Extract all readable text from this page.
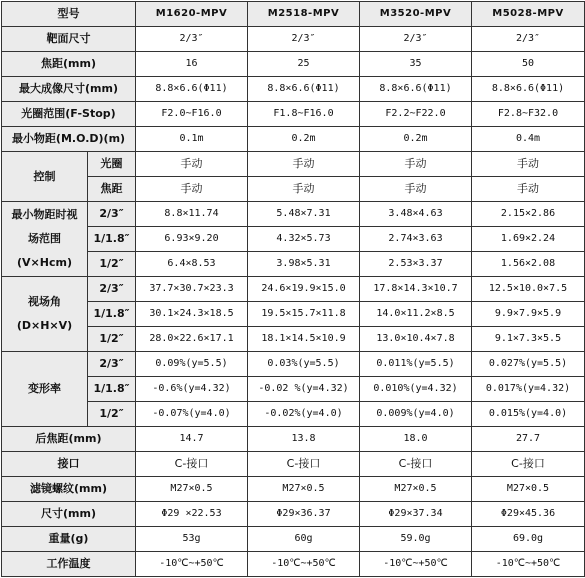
型号		M1620-MPV	M2518-MPV	M3520-MPV	M5028-MPV
靶面尺寸		2/3″	2/3″	2/3″	2/3″
焦距(mm)		16	25	35	50
最大成像尺寸(mm)		8.8×6.6(Φ11)	8.8×6.6(Φ11)	8.8×6.6(Φ11)	8.8×6.6(Φ11)
光圈范围(F-Stop)		F2.0~F16.0	F1.8~F16.0	F2.2~F22.0	F2.8~F32.0
最小物距(M.O.D)(m)		0.1m	0.2m	0.2m	0.4m
控制	光圈	手动	手动	手动	手动
	焦距	手动	手动	手动	手动

最小物距时视
场范围
(V×Hcm)	2/3″	8.8×11.74	5.48×7.31	3.48×4.63	2.15×2.86
	1/1.8″	6.93×9.20	4.32×5.73	2.74×3.63	1.69×2.24
	1/2″	6.4×8.53	3.98×5.31	2.53×3.37	1.56×2.08

视场角
(D×H×V)	2/3″	37.7×30.7×23.3	24.6×19.9×15.0	17.8×14.3×10.7	12.5×10.0×7.5
	1/1.8″	30.1×24.3×18.5	19.5×15.7×11.8	14.0×11.2×8.5	9.9×7.9×5.9
	1/2″	28.0×22.6×17.1	18.1×14.5×10.9	13.0×10.4×7.8	9.1×7.3×5.5
变形率	2/3″	0.09%(y=5.5)	0.03%(y=5.5)	0.011%(y=5.5)	0.027%(y=5.5)
	1/1.8″	-0.6%(y=4.32)	-0.02 %(y=4.32)	0.010%(y=4.32)	0.017%(y=4.32)
	1/2″	-0.07%(y=4.0)	-0.02%(y=4.0)	0.009%(y=4.0)	0.015%(y=4.0)
后焦距(mm)		14.7	13.8	18.0	27.7
接口		C-接口	C-接口	C-接口	C-接口
滤镜螺纹(mm)		M27×0.5	M27×0.5	M27×0.5	M27×0.5
尺寸(mm)		Φ29 ×22.53	Φ29×36.37	Φ29×37.34	Φ29×45.36
重量(g)		53g	60g	59.0g	69.0g
工作温度		-10℃~+50℃	-10℃~+50℃	-10℃~+50℃	-10℃~+50℃
